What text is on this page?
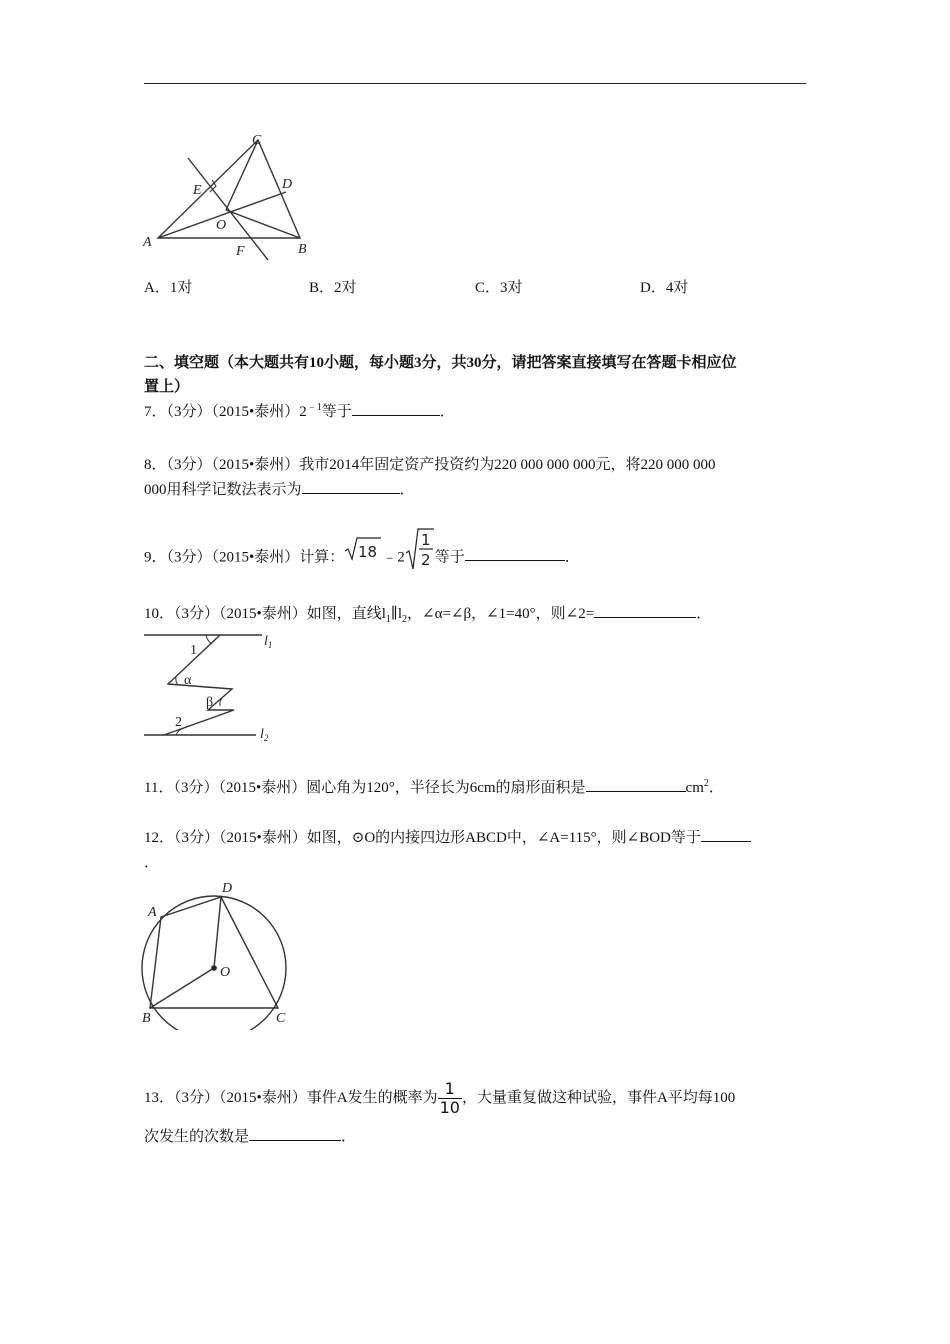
A	B
C
D
E
F
O
A．1对	B．2对	C．3对	D．4对
二、填空题（本大题共有10小题，每小题3分，共30分，请把答案直接填写在答题卡相应位
置上）
7．（3分）（2015•泰州）$2^{﹣1}$等于	．
8．（3分）（2015•泰州）我市2014年固定资产投资约为220 000 000 000元，将220 000 000
000用科学记数法表示为	．
9．（3分）（2015•泰州）计算： 18 ﹣2
1
2 等于	．
10．（3分）（2015•泰州）如图，直线$l_1\parallel l_2$，∠α=∠β，∠1=40°，则∠2=	．
$l_1$
$l_2$
1
α
β
2
11．（3分）（2015•泰州）圆心角为120°，半径长为6cm的扇形面积是	$cm^2$．
12．（3分）（2015•泰州）如图，⊙O的内接四边形ABCD中，∠A=115°，则∠BOD等于
．
A
B	C
D
O
13．（3分）（2015•泰州）事件A发生的概率为 $\frac{1}{10}$ ，大量重复做这种试验，事件A平均每100
次发生的次数是	．
